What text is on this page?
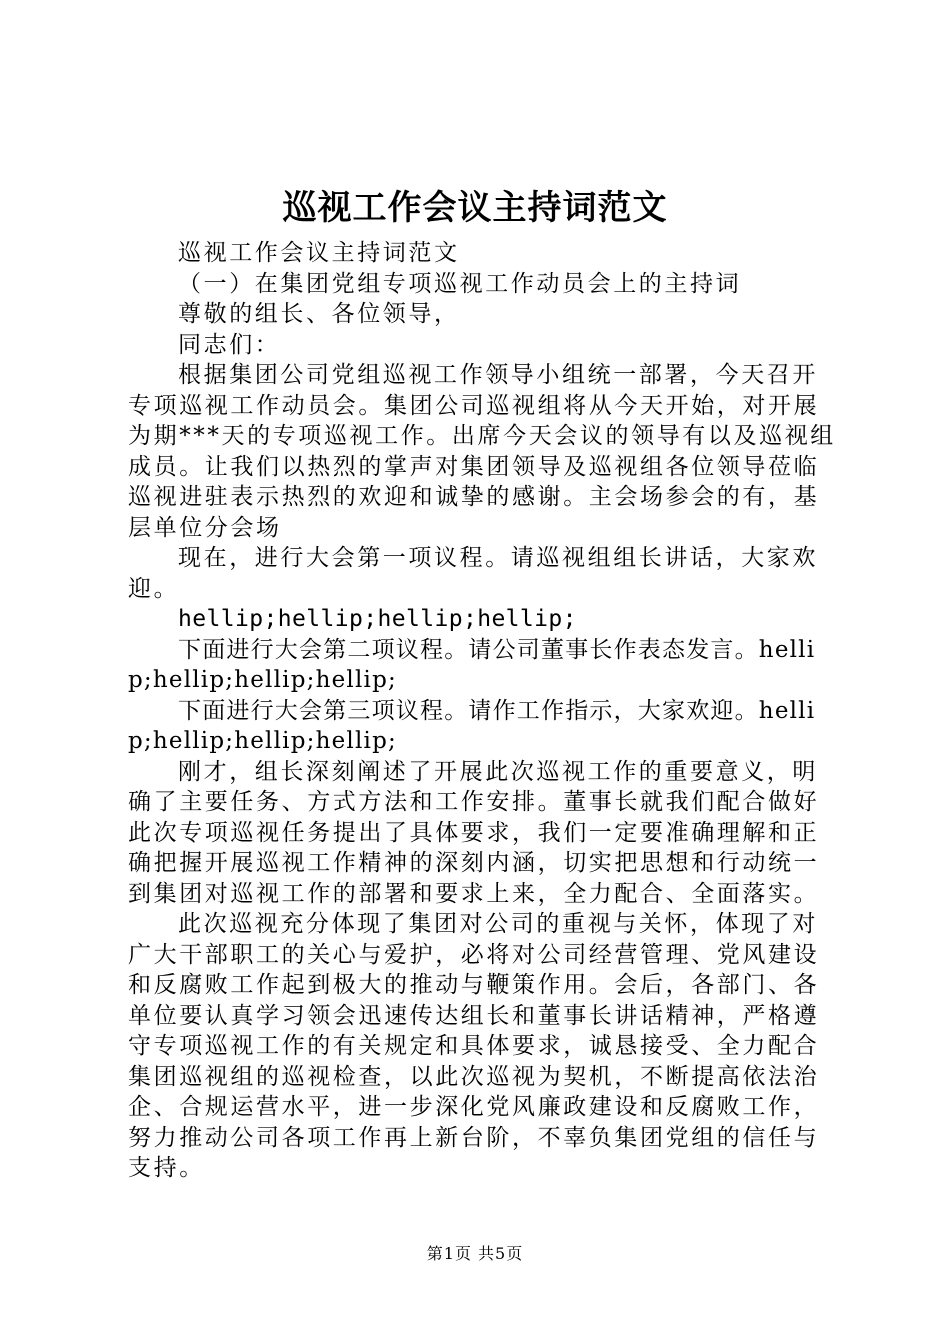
巡视工作会议主持词范文

巡视工作会议主持词范文

（一）在集团党组专项巡视工作动员会上的主持词

尊敬的组长、各位领导，

同志们：

根据集团公司党组巡视工作领导小组统一部署，今天召开专项巡视工作动员会。集团公司巡视组将从今天开始，对开展为期***天的专项巡视工作。出席今天会议的领导有以及巡视组成员。让我们以热烈的掌声对集团领导及巡视组各位领导莅临巡视进驻表示热烈的欢迎和诚挚的感谢。主会场参会的有，基层单位分会场

现在，进行大会第一项议程。请巡视组组长讲话，大家欢迎。

hellip;hellip;hellip;hellip;

下面进行大会第二项议程。请公司董事长作表态发言。hellip;hellip;hellip;hellip;

下面进行大会第三项议程。请作工作指示，大家欢迎。hellip;hellip;hellip;hellip;

刚才，组长深刻阐述了开展此次巡视工作的重要意义，明确了主要任务、方式方法和工作安排。董事长就我们配合做好此次专项巡视任务提出了具体要求，我们一定要准确理解和正确把握开展巡视工作精神的深刻内涵，切实把思想和行动统一到集团对巡视工作的部署和要求上来，全力配合、全面落实。

此次巡视充分体现了集团对公司的重视与关怀，体现了对广大干部职工的关心与爱护，必将对公司经营管理、党风建设和反腐败工作起到极大的推动与鞭策作用。会后，各部门、各单位要认真学习领会迅速传达组长和董事长讲话精神，严格遵守专项巡视工作的有关规定和具体要求，诚恳接受、全力配合集团巡视组的巡视检查，以此次巡视为契机，不断提高依法治企、合规运营水平，进一步深化党风廉政建设和反腐败工作，努力推动公司各项工作再上新台阶，不辜负集团党组的信任与支持。

第1页 共5页
